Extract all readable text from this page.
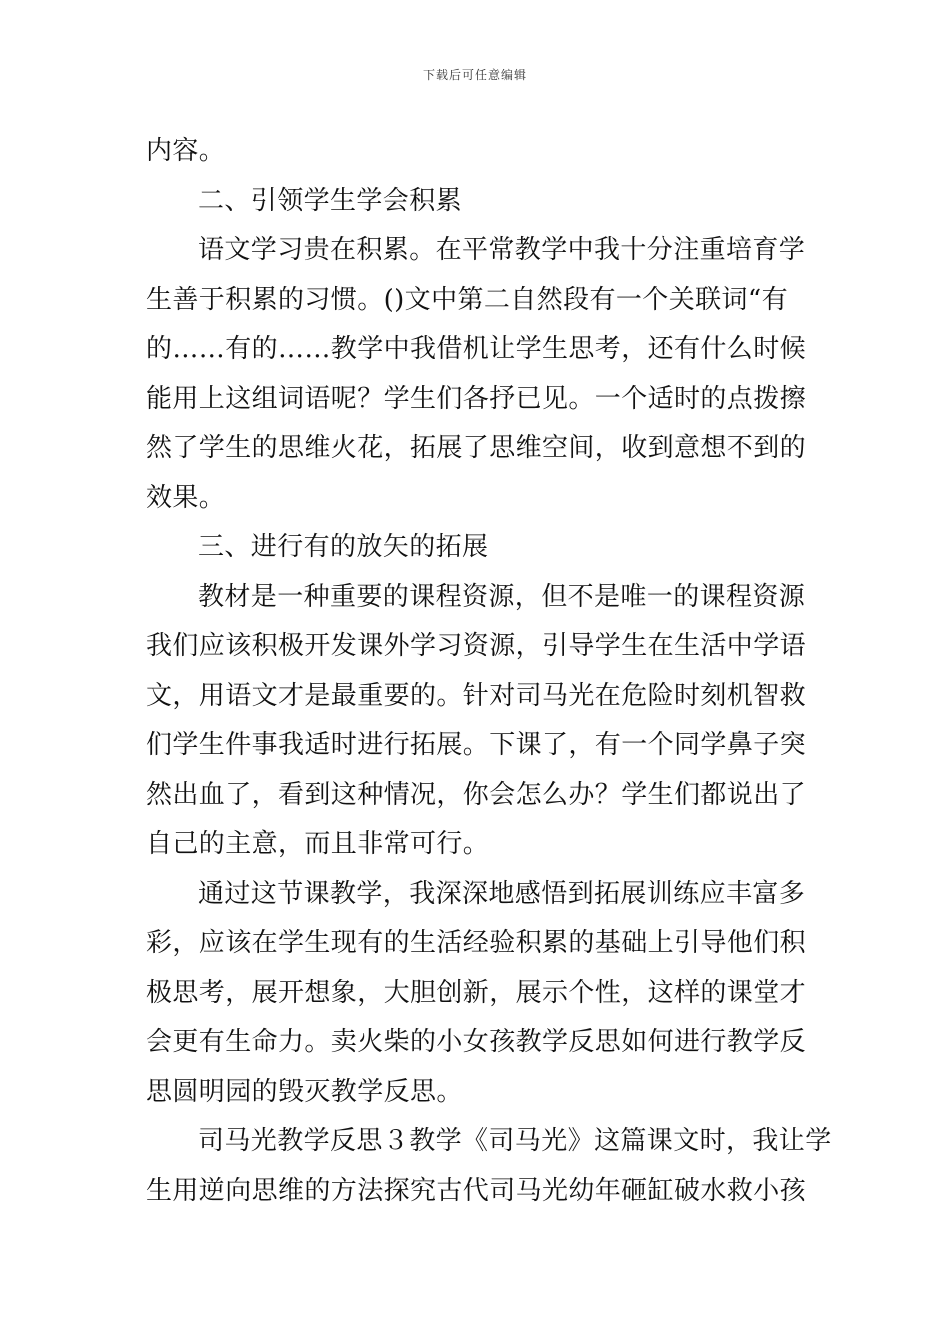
下载后可任意编辑
内容。
二、引领学生学会积累
语文学习贵在积累。在平常教学中我十分注重培育学
生善于积累的习惯。()文中第二自然段有一个关联词“有
的……有的……教学中我借机让学生思考，还有什么时候
能用上这组词语呢？学生们各抒已见。一个适时的点拨擦
然了学生的思维火花，拓展了思维空间，收到意想不到的
效果。
三、进行有的放矢的拓展
教材是一种重要的课程资源，但不是唯一的课程资源
我们应该积极开发课外学习资源，引导学生在生活中学语
文，用语文才是最重要的。针对司马光在危险时刻机智救
们学生件事我适时进行拓展。下课了，有一个同学鼻子突
然出血了，看到这种情况，你会怎么办？学生们都说出了
自己的主意，而且非常可行。
通过这节课教学，我深深地感悟到拓展训练应丰富多
彩，应该在学生现有的生活经验积累的基础上引导他们积
极思考，展开想象，大胆创新，展示个性，这样的课堂才
会更有生命力。卖火柴的小女孩教学反思如何进行教学反
思圆明园的毁灭教学反思。
司马光教学反思３教学《司马光》这篇课文时，我让学
生用逆向思维的方法探究古代司马光幼年砸缸破水救小孩
